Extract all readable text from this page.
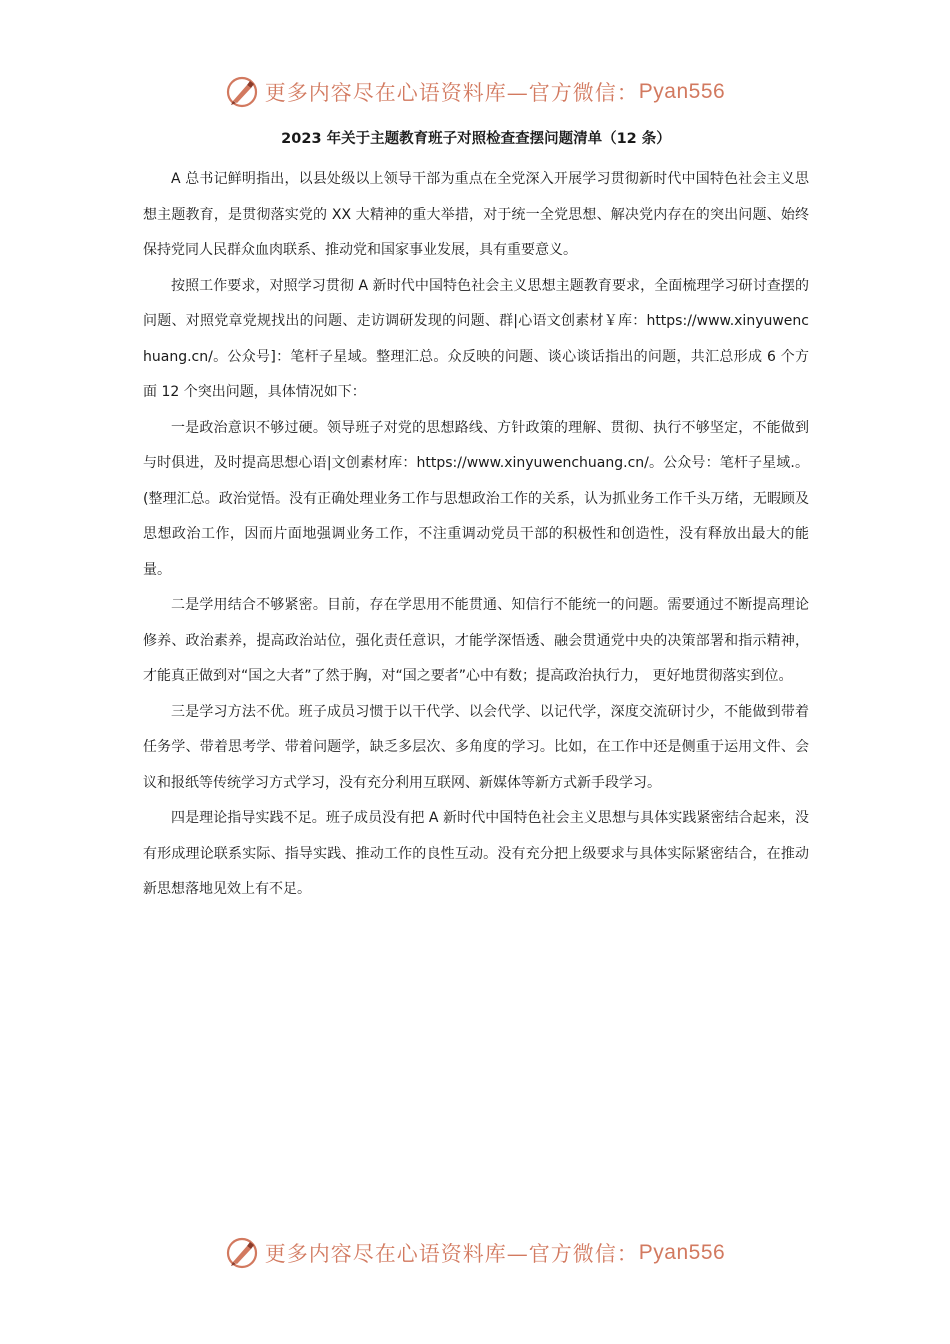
更多内容尽在心语资料库—官方微信： Pyan556
2023 年关于主题教育班子对照检查查摆问题清单（12 条）

A 总书记鲜明指出，以县处级以上领导干部为重点在全党深入开展学习贯彻新时代中国特色社会主义思想主题教育，是贯彻落实党的 XX 大精神的重大举措，对于统一全党思想、解决党内存在的突出问题、始终保持党同人民群众血肉联系、推动党和国家事业发展，具有重要意义。

按照工作要求，对照学习贯彻 A 新时代中国特色社会主义思想主题教育要求，全面梳理学习研讨查摆的问题、对照党章党规找出的问题、走访调研发现的问题、群|心语文创素材￥库：https://www.xinyuwenchuang.cn/。公众号]：笔杆子星域。整理汇总。众反映的问题、谈心谈话指出的问题，共汇总形成 6 个方面 12 个突出问题，具体情况如下：

一是政治意识不够过硬。领导班子对党的思想路线、方针政策的理解、贯彻、执行不够坚定，不能做到与时俱进，及时提高思想心语|文创素材库：https://www.xinyuwenchuang.cn/。公众号：笔杆子星域.。(整理汇总。政治觉悟。没有正确处理业务工作与思想政治工作的关系，认为抓业务工作千头万绪，无暇顾及思想政治工作，因而片面地强调业务工作，不注重调动党员干部的积极性和创造性，没有释放出最大的能量。

二是学用结合不够紧密。目前，存在学思用不能贯通、知信行不能统一的问题。需要通过不断提高理论修养、政治素养，提高政治站位，强化责任意识，才能学深悟透、融会贯通党中央的决策部署和指示精神，才能真正做到对“国之大者”了然于胸，对“国之要者”心中有数；提高政治执行力， 更好地贯彻落实到位。

三是学习方法不优。班子成员习惯于以干代学、以会代学、以记代学，深度交流研讨少，不能做到带着任务学、带着思考学、带着问题学，缺乏多层次、多角度的学习。比如，在工作中还是侧重于运用文件、会议和报纸等传统学习方式学习，没有充分利用互联网、新媒体等新方式新手段学习。

四是理论指导实践不足。班子成员没有把 A 新时代中国特色社会主义思想与具体实践紧密结合起来，没有形成理论联系实际、指导实践、推动工作的良性互动。没有充分把上级要求与具体实际紧密结合，在推动新思想落地见效上有不足。

更多内容尽在心语资料库—官方微信： Pyan556
